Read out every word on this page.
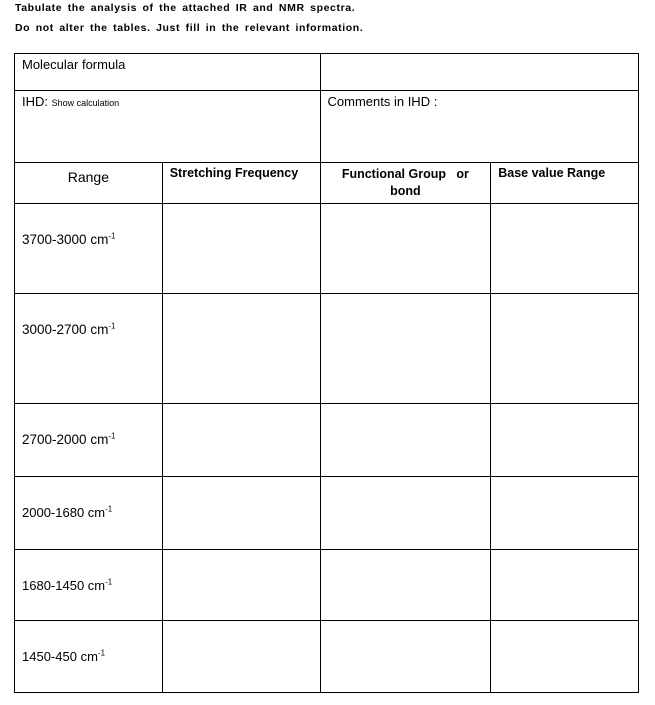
Tabulate the analysis of the attached IR and NMR spectra.
Do not alter the tables. Just fill in the relevant information.
Molecular formula	
IHD: Show calculation	Comments in IHD :
Range	Stretching Frequency	Functional Group   or bond	Base value Range
3700-3000 $cm^{-1}$			
3000-2700 $cm^{-1}$			
2700-2000 $cm^{-1}$			
2000-1680 $cm^{-1}$			
1680-1450 $cm^{-1}$			
1450-450 $cm^{-1}$			
